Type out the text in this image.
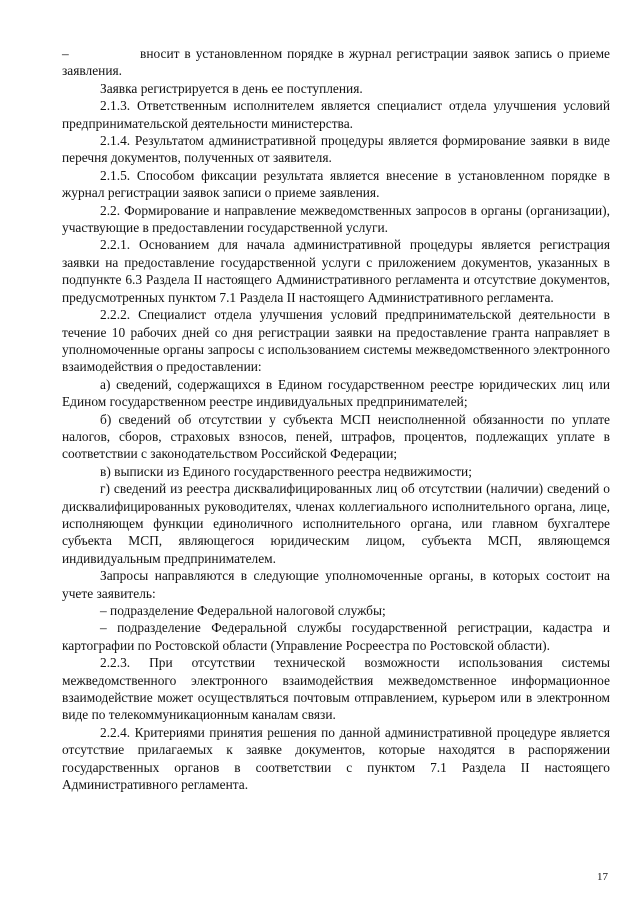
–	вносит в установленном порядке в журнал регистрации заявок запись о приеме заявления.

Заявка регистрируется в день ее поступления.

2.1.3. Ответственным исполнителем является специалист отдела улучшения условий предпринимательской деятельности министерства.

2.1.4. Результатом административной процедуры является формирование заявки в виде перечня документов, полученных от заявителя.

2.1.5. Способом фиксации результата является внесение в установленном порядке в журнал регистрации заявок записи о приеме заявления.

2.2. Формирование и направление межведомственных запросов в органы (организации), участвующие в предоставлении государственной услуги.

2.2.1. Основанием для начала административной процедуры является регистрация заявки на предоставление государственной услуги с приложением документов, указанных в подпункте 6.3 Раздела II настоящего Административного регламента и отсутствие документов, предусмотренных пунктом 7.1 Раздела II настоящего Административного регламента.

2.2.2. Специалист отдела улучшения условий предпринимательской деятельности в течение 10 рабочих дней со дня регистрации заявки на предоставление гранта направляет в уполномоченные органы запросы с использованием системы межведомственного электронного взаимодействия о предоставлении:

а) сведений, содержащихся в Едином государственном реестре юридических лиц или Едином государственном реестре индивидуальных предпринимателей;

б) сведений об отсутствии у субъекта МСП неисполненной обязанности по уплате налогов, сборов, страховых взносов, пеней, штрафов, процентов, подлежащих уплате в соответствии с законодательством Российской Федерации;

в) выписки из Единого государственного реестра недвижимости;

г) сведений из реестра дисквалифицированных лиц об отсутствии (наличии) сведений о дисквалифицированных руководителях, членах коллегиального исполнительного органа, лице, исполняющем функции единоличного исполнительного органа, или главном бухгалтере субъекта МСП, являющегося юридическим лицом, субъекта МСП, являющемся индивидуальным предпринимателем.

Запросы направляются в следующие уполномоченные органы, в которых состоит на учете заявитель:

– подразделение Федеральной налоговой службы;

– подразделение Федеральной службы государственной регистрации, кадастра и картографии по Ростовской области (Управление Росреестра по Ростовской области).

2.2.3. При отсутствии технической возможности использования системы межведомственного электронного взаимодействия межведомственное информационное взаимодействие может осуществляться почтовым отправлением, курьером или в электронном виде по телекоммуникационным каналам связи.

2.2.4. Критериями принятия решения по данной административной процедуре является отсутствие прилагаемых к заявке документов, которые находятся в распоряжении государственных органов в соответствии с пунктом 7.1 Раздела II настоящего Административного регламента.

17
